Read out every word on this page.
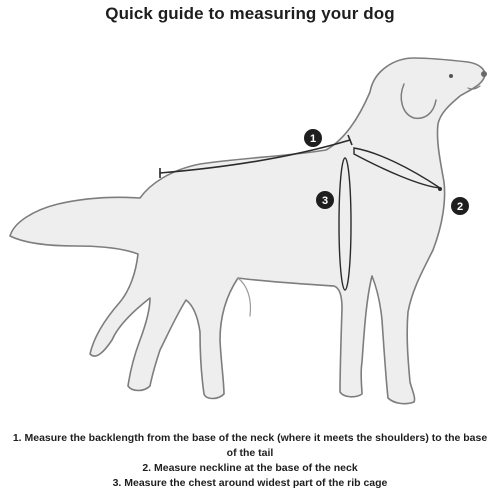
Quick guide to measuring your dog
1
2
3
1. Measure the backlength from the base of the neck (where it meets the shoulders) to the base of the tail
2. Measure neckline at the base of the neck
3. Measure the chest around widest part of the rib cage
